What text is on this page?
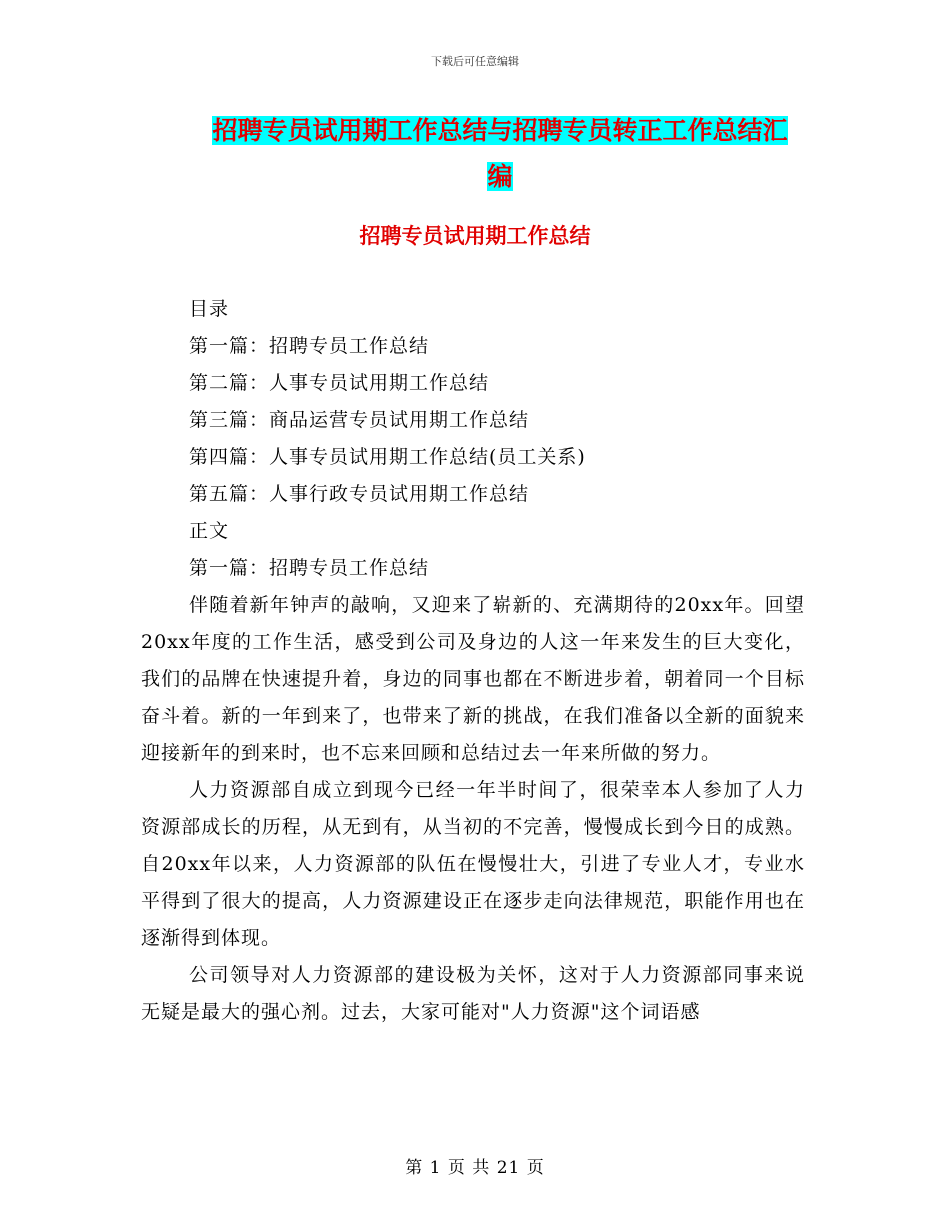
下载后可任意编辑
招聘专员试用期工作总结与招聘专员转正工作总结汇
编
招聘专员试用期工作总结

目录

第一篇：招聘专员工作总结

第二篇：人事专员试用期工作总结

第三篇：商品运营专员试用期工作总结

第四篇：人事专员试用期工作总结(员工关系)

第五篇：人事行政专员试用期工作总结

正文

第一篇：招聘专员工作总结

伴随着新年钟声的敲响，又迎来了崭新的、充满期待的20xx年。回望20xx年度的工作生活，感受到公司及身边的人这一年来发生的巨大变化，我们的品牌在快速提升着，身边的同事也都在不断进步着，朝着同一个目标奋斗着。新的一年到来了，也带来了新的挑战，在我们准备以全新的面貌来迎接新年的到来时，也不忘来回顾和总结过去一年来所做的努力。

人力资源部自成立到现今已经一年半时间了，很荣幸本人参加了人力资源部成长的历程，从无到有，从当初的不完善，慢慢成长到今日的成熟。自20xx年以来，人力资源部的队伍在慢慢壮大，引进了专业人才，专业水平得到了很大的提高，人力资源建设正在逐步走向法律规范，职能作用也在逐渐得到体现。

公司领导对人力资源部的建设极为关怀，这对于人力资源部同事来说无疑是最大的强心剂。过去，大家可能对"人力资源"这个词语感

第 1 页 共 21 页
